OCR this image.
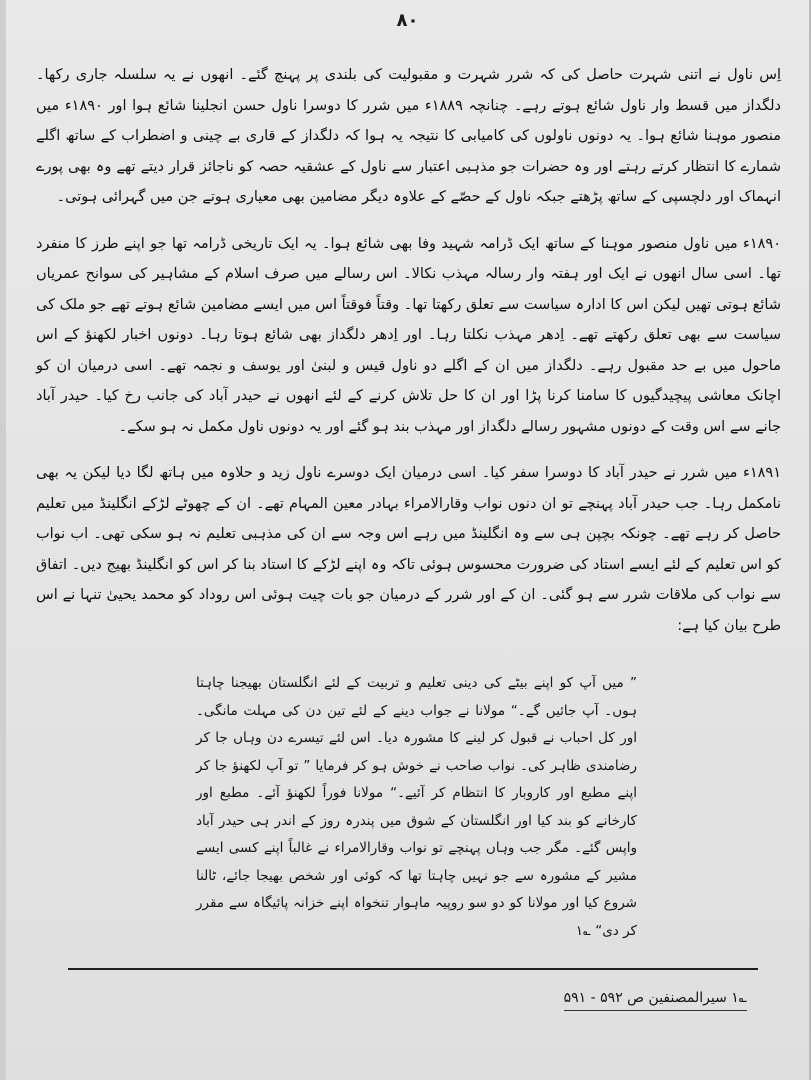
۸۰

اِس ناول نے اتنی شہرت حاصل کی کہ شرر شہرت و مقبولیت کی بلندی پر پہنچ گئے۔ انھوں نے یہ سلسلہ جاری رکھا۔ دلگداز میں قسط وار ناول شائع ہوتے رہے۔ چنانچہ ۱۸۸۹ء میں شرر کا دوسرا ناول حسن انجلینا شائع ہوا اور ۱۸۹۰ء میں منصور موہنا شائع ہوا۔ یہ دونوں ناولوں کی کامیابی کا نتیجہ یہ ہوا کہ دلگداز کے قاری بے چینی و اضطراب کے ساتھ اگلے شمارے کا انتظار کرتے رہتے اور وہ حضرات جو مذہبی اعتبار سے ناول کے عشقیہ حصہ کو ناجائز قرار دیتے تھے وہ بھی پورے انہماک اور دلچسپی کے ساتھ پڑھتے جبکہ ناول کے حصّے کے علاوہ دیگر مضامین بھی معیاری ہوتے جن میں گہرائی ہوتی۔

۱۸۹۰ء میں ناول منصور موہنا کے ساتھ ایک ڈرامہ شہید وفا بھی شائع ہوا۔ یہ ایک تاریخی ڈرامہ تھا جو اپنے طرز کا منفرد تھا۔ اسی سال انھوں نے ایک اور ہفتہ وار رسالہ مہذب نکالا۔ اس رسالے میں صرف اسلام کے مشاہیر کی سوانح عمریاں شائع ہوتی تھیں لیکن اس کا ادارہ سیاست سے تعلق رکھتا تھا۔ وقتاً فوقتاً اس میں ایسے مضامین شائع ہوتے تھے جو ملک کی سیاست سے بھی تعلق رکھتے تھے۔ اِدھر مہذب نکلتا رہا۔ اور اِدھر دلگداز بھی شائع ہوتا رہا۔ دونوں اخبار لکھنؤ کے اس ماحول میں بے حد مقبول رہے۔ دلگداز میں ان کے اگلے دو ناول قیس و لبنیٰ اور یوسف و نجمہ تھے۔ اسی درمیان ان کو اچانک معاشی پیچیدگیوں کا سامنا کرنا پڑا اور ان کا حل تلاش کرنے کے لئے انھوں نے حیدر آباد کی جانب رخ کیا۔ حیدر آباد جانے سے اس وقت کے دونوں مشہور رسالے دلگداز اور مہذب بند ہو گئے اور یہ دونوں ناول مکمل نہ ہو سکے۔

۱۸۹۱ء میں شرر نے حیدر آباد کا دوسرا سفر کیا۔ اسی درمیان ایک دوسرے ناول زید و حلاوہ میں ہاتھ لگا دیا لیکن یہ بھی نامکمل رہا۔ جب حیدر آباد پہنچے تو ان دنوں نواب وقارالامراء بہادر معین المہام تھے۔ ان کے چھوٹے لڑکے انگلینڈ میں تعلیم حاصل کر رہے تھے۔ چونکہ بچپن ہی سے وہ انگلینڈ میں رہے اس وجہ سے ان کی مذہبی تعلیم نہ ہو سکی تھی۔ اب نواب کو اس تعلیم کے لئے ایسے استاد کی ضرورت محسوس ہوئی تاکہ وہ اپنے لڑکے کا استاد بنا کر اس کو انگلینڈ بھیج دیں۔ اتفاق سے نواب کی ملاقات شرر سے ہو گئی۔ ان کے اور شرر کے درمیان جو بات چیت ہوئی اس روداد کو محمد یحییٰ تنہا نے اس طرح بیان کیا ہے:

” میں آپ کو اپنے بیٹے کی دینی تعلیم و تربیت کے لئے انگلستان بھیجنا چاہتا ہوں۔ آپ جائیں گے۔“ مولانا نے جواب دینے کے لئے تین دن کی مہلت مانگی۔ اور کل احباب نے قبول کر لینے کا مشورہ دیا۔ اس لئے تیسرے دن وہاں جا کر رضامندی ظاہر کی۔ نواب صاحب نے خوش ہو کر فرمایا ” تو آپ لکھنؤ جا کر اپنے مطبع اور کاروبار کا انتظام کر آئیے۔“ مولانا فوراً لکھنؤ آئے۔ مطبع اور کارخانے کو بند کیا اور انگلستان کے شوق میں پندرہ روز کے اندر ہی حیدر آباد واپس گئے۔ مگر جب وہاں پہنچے تو نواب وقارالامراء نے غالباً اپنے کسی ایسے مشیر کے مشورہ سے جو نہیں چاہتا تھا کہ کوئی اور شخص بھیجا جائے، ٹالنا شروع کیا اور مولانا کو دو سو روپیہ ماہوار تنخواہ اپنے خزانہ پائیگاہ سے مقرر کر دی“ ؎۱

؎۱ سیرالمصنفین ص ۵۹۲ - ۵۹۱
